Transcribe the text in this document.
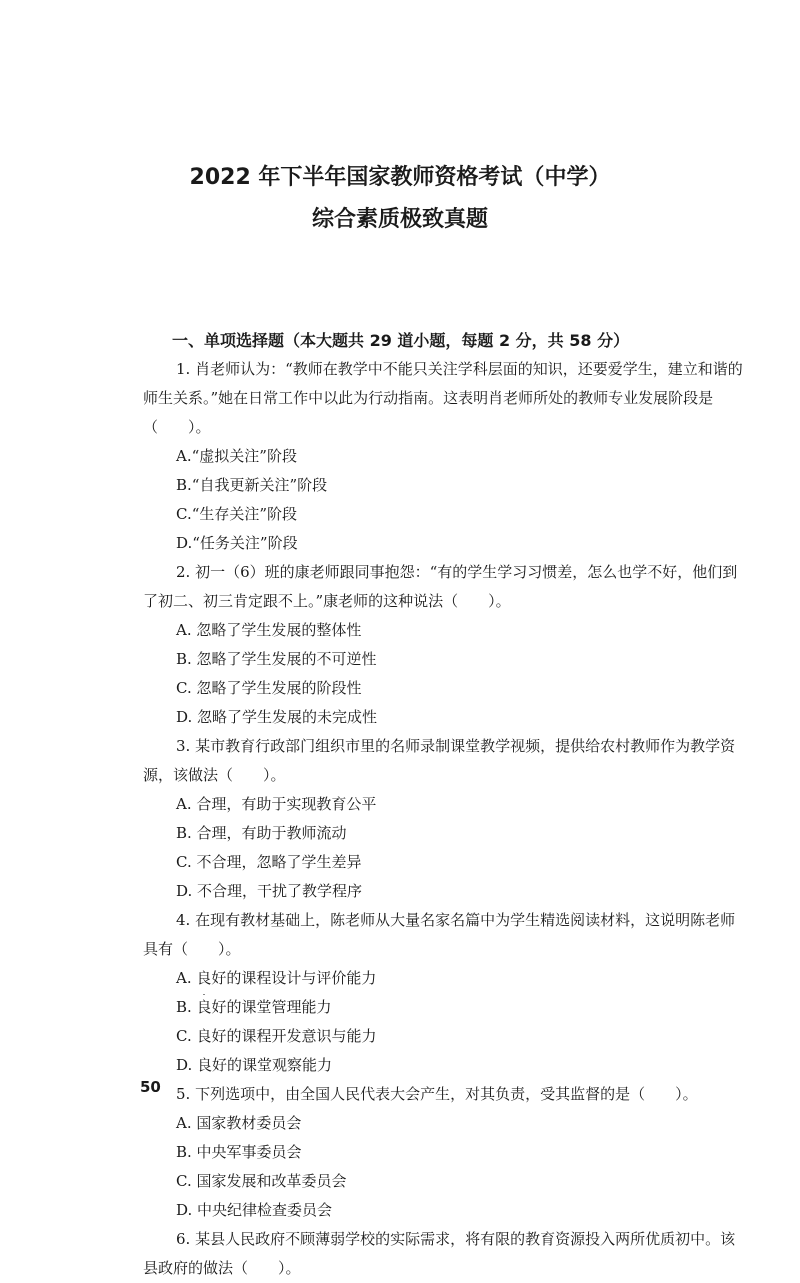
2022 年下半年国家教师资格考试（中学）
综合素质极致真题
一、单项选择题（本大题共 29 道小题，每题 2 分，共 58 分）

1. 肖老师认为：“教师在教学中不能只关注学科层面的知识，还要爱学生，建立和谐的师生关系。”她在日常工作中以此为行动指南。这表明肖老师所处的教师专业发展阶段是（　　）。

A.“虚拟关注”阶段
B.“自我更新关注”阶段
C.“生存关注”阶段
D.“任务关注”阶段

2. 初一（6）班的康老师跟同事抱怨：“有的学生学习习惯差，怎么也学不好，他们到了初二、初三肯定跟不上。”康老师的这种说法（　　）。

A. 忽略了学生发展的整体性
B. 忽略了学生发展的不可逆性
C. 忽略了学生发展的阶段性
D. 忽略了学生发展的未完成性

3. 某市教育行政部门组织市里的名师录制课堂教学视频，提供给农村教师作为教学资源，该做法（　　）。

A. 合理，有助于实现教育公平
B. 合理，有助于教师流动
C. 不合理，忽略了学生差异
D. 不合理，干扰了教学程序

4. 在现有教材基础上，陈老师从大量名家名篇中为学生精选阅读材料，这说明陈老师具有（　　）。

A. 良好的课程设计与评价能力
B. 良好的课堂管理能力
C. 良好的课程开发意识与能力
D. 良好的课堂观察能力

5. 下列选项中，由全国人民代表大会产生，对其负责，受其监督的是（　　）。

A. 国家教材委员会
B. 中央军事委员会
C. 国家发展和改革委员会
D. 中央纪律检查委员会

6. 某县人民政府不顾薄弱学校的实际需求，将有限的教育资源投入两所优质初中。该县政府的做法（　　）。

50
